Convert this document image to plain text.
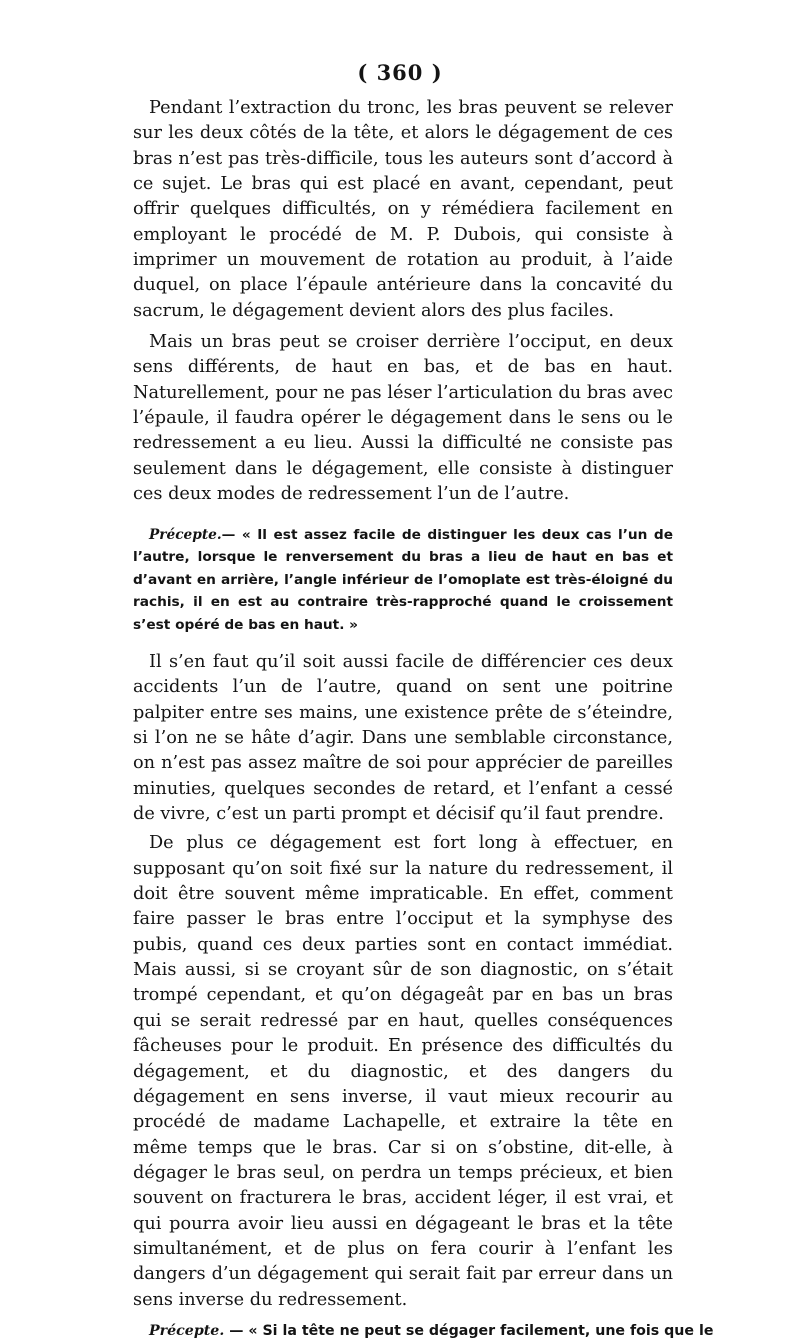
( 360 )

Pendant l’extraction du tronc, les bras peuvent se relever sur les deux côtés de la tête, et alors le dégagement de ces bras n’est pas très-difficile, tous les auteurs sont d’accord à ce sujet. Le bras qui est placé en avant, cependant, peut offrir quelques difficultés, on y rémédiera facilement en employant le procédé de M. P. Dubois, qui consiste à imprimer un mouvement de rotation au produit, à l’aide duquel, on place l’épaule antérieure dans la concavité du sacrum, le dégagement devient alors des plus faciles.

Mais un bras peut se croiser derrière l’occiput, en deux sens différents, de haut en bas, et de bas en haut. Naturellement, pour ne pas léser l’articulation du bras avec l’épaule, il faudra opérer le dégagement dans le sens ou le redressement a eu lieu. Aussi la difficulté ne consiste pas seulement dans le dégagement, elle consiste à distinguer ces deux modes de redressement l’un de l’autre.

Précepte.— « Il est assez facile de distinguer les deux cas l’un de l’autre, lorsque le renversement du bras a lieu de haut en bas et d’avant en arrière, l’angle inférieur de l’omoplate est très-éloigné du rachis, il en est au contraire très-rapproché quand le croissement s’est opéré de bas en haut. »

Il s’en faut qu’il soit aussi facile de différencier ces deux accidents l’un de l’autre, quand on sent une poitrine palpiter entre ses mains, une existence prête de s’éteindre, si l’on ne se hâte d’agir. Dans une semblable circonstance, on n’est pas assez maître de soi pour apprécier de pareilles minuties, quelques secondes de retard, et l’enfant a cessé de vivre, c’est un parti prompt et décisif qu’il faut prendre.

De plus ce dégagement est fort long à effectuer, en supposant qu’on soit fixé sur la nature du redressement, il doit être souvent même impraticable. En effet, comment faire passer le bras entre l’occiput et la symphyse des pubis, quand ces deux parties sont en contact immédiat. Mais aussi, si se croyant sûr de son diagnostic, on s’était trompé cependant, et qu’on dégageât par en bas un bras qui se serait redressé par en haut, quelles conséquences fâcheuses pour le produit. En présence des difficultés du dégagement, et du diagnostic, et des dangers du dégagement en sens inverse, il vaut mieux recourir au procédé de madame Lachapelle, et extraire la tête en même temps que le bras. Car si on s’obstine, dit-elle, à dégager le bras seul, on perdra un temps précieux, et bien souvent on fracturera le bras, accident léger, il est vrai, et qui pourra avoir lieu aussi en dégageant le bras et la tête simultanément, et de plus on fera courir à l’enfant les dangers d’un dégagement qui serait fait par erreur dans un sens inverse du redressement.

Précepte. — « Si la tête ne peut se dégager facilement, une fois que le
